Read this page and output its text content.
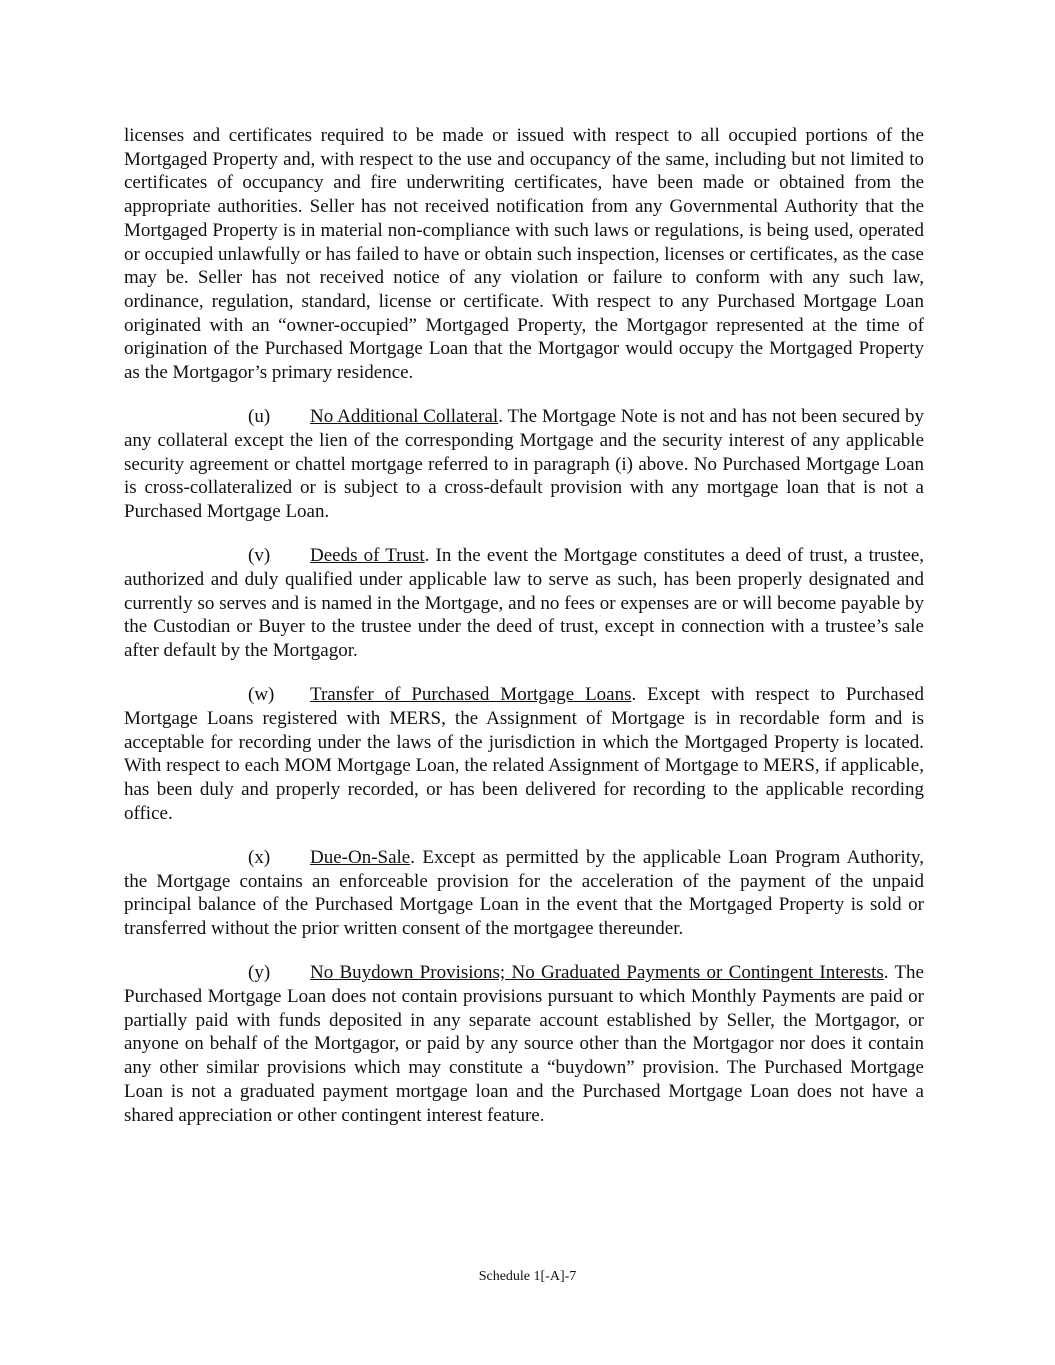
licenses and certificates required to be made or issued with respect to all occupied portions of the Mortgaged Property and, with respect to the use and occupancy of the same, including but not limited to certificates of occupancy and fire underwriting certificates, have been made or obtained from the appropriate authorities. Seller has not received notification from any Governmental Authority that the Mortgaged Property is in material non-compliance with such laws or regulations, is being used, operated or occupied unlawfully or has failed to have or obtain such inspection, licenses or certificates, as the case may be. Seller has not received notice of any violation or failure to conform with any such law, ordinance, regulation, standard, license or certificate. With respect to any Purchased Mortgage Loan originated with an “owner-occupied” Mortgaged Property, the Mortgagor represented at the time of origination of the Purchased Mortgage Loan that the Mortgagor would occupy the Mortgaged Property as the Mortgagor’s primary residence.

(u) No Additional Collateral. The Mortgage Note is not and has not been secured by any collateral except the lien of the corresponding Mortgage and the security interest of any applicable security agreement or chattel mortgage referred to in paragraph (i) above. No Purchased Mortgage Loan is cross-collateralized or is subject to a cross-default provision with any mortgage loan that is not a Purchased Mortgage Loan.

(v) Deeds of Trust. In the event the Mortgage constitutes a deed of trust, a trustee, authorized and duly qualified under applicable law to serve as such, has been properly designated and currently so serves and is named in the Mortgage, and no fees or expenses are or will become payable by the Custodian or Buyer to the trustee under the deed of trust, except in connection with a trustee’s sale after default by the Mortgagor.

(w) Transfer of Purchased Mortgage Loans. Except with respect to Purchased Mortgage Loans registered with MERS, the Assignment of Mortgage is in recordable form and is acceptable for recording under the laws of the jurisdiction in which the Mortgaged Property is located. With respect to each MOM Mortgage Loan, the related Assignment of Mortgage to MERS, if applicable, has been duly and properly recorded, or has been delivered for recording to the applicable recording office.

(x) Due-On-Sale. Except as permitted by the applicable Loan Program Authority, the Mortgage contains an enforceable provision for the acceleration of the payment of the unpaid principal balance of the Purchased Mortgage Loan in the event that the Mortgaged Property is sold or transferred without the prior written consent of the mortgagee thereunder.

(y) No Buydown Provisions; No Graduated Payments or Contingent Interests. The Purchased Mortgage Loan does not contain provisions pursuant to which Monthly Payments are paid or partially paid with funds deposited in any separate account established by Seller, the Mortgagor, or anyone on behalf of the Mortgagor, or paid by any source other than the Mortgagor nor does it contain any other similar provisions which may constitute a “buydown” provision. The Purchased Mortgage Loan is not a graduated payment mortgage loan and the Purchased Mortgage Loan does not have a shared appreciation or other contingent interest feature.

Schedule 1[-A]-7
